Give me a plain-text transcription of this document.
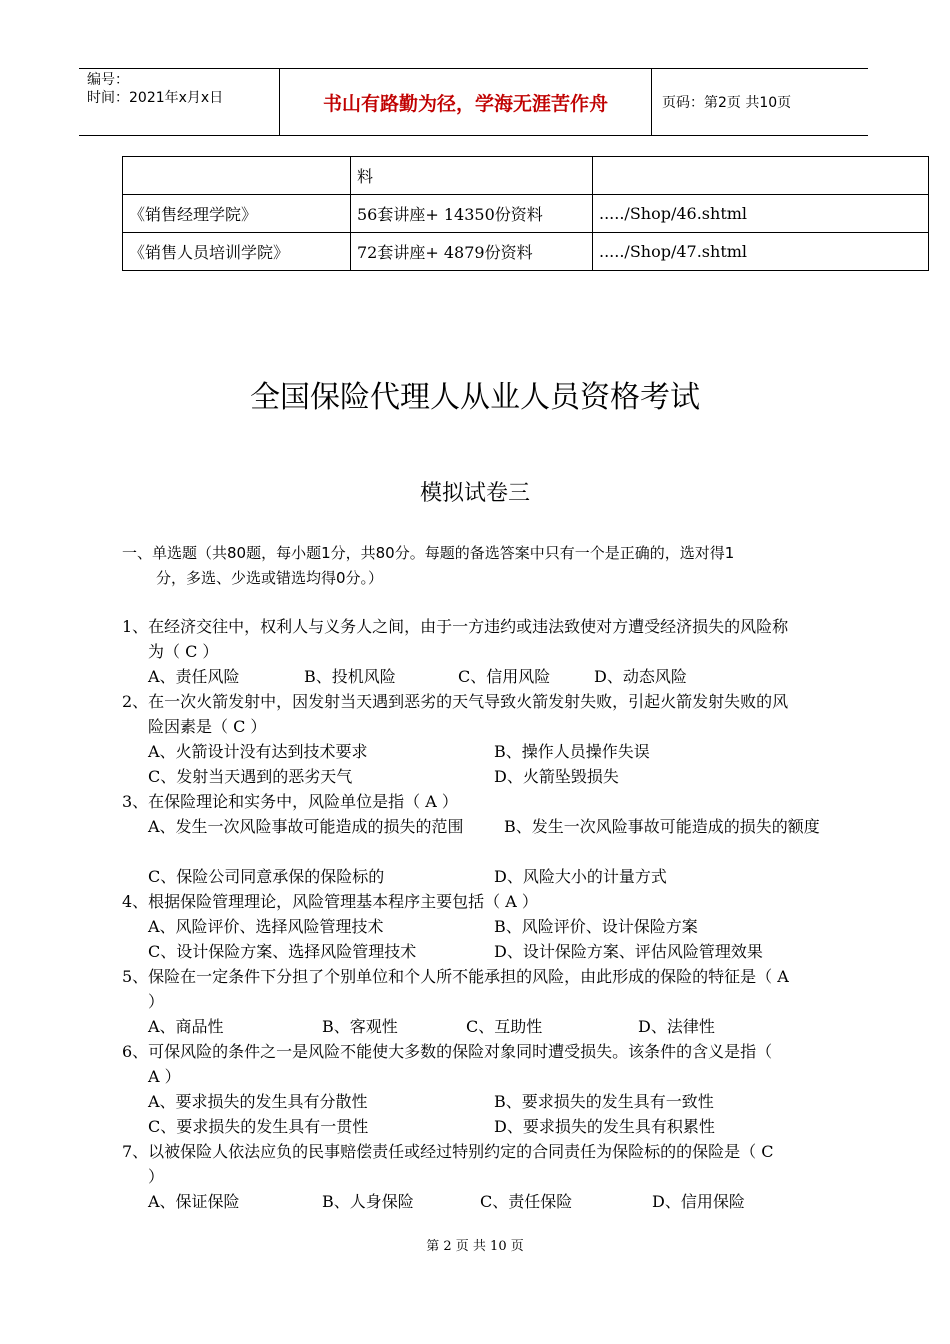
编号：
时间：2021年x月x日	书山有路勤为径，学海无涯苦作舟	页码：第2页 共10页
	料	
《销售经理学院》	56套讲座+ 14350份资料	...../Shop/46.shtml
《销售人员培训学院》	72套讲座+ 4879份资料	...../Shop/47.shtml
全国保险代理人从业人员资格考试
模拟试卷三
一、单选题（共80题，每小题1分，共80分。每题的备选答案中只有一个是正确的，选对得1
分，多选、少选或错选均得0分。）
1、在经济交往中，权利人与义务人之间，由于一方违约或违法致使对方遭受经济损失的风险称
为（ C ）
A、责任风险	B、投机风险	C、信用风险	D、动态风险
2、在一次火箭发射中，因发射当天遇到恶劣的天气导致火箭发射失败，引起火箭发射失败的风
险因素是（ C ）
A、火箭设计没有达到技术要求	B、操作人员操作失误
C、发射当天遇到的恶劣天气	D、火箭坠毁损失
3、在保险理论和实务中，风险单位是指（ A ）
A、发生一次风险事故可能造成的损失的范围	B、发生一次风险事故可能造成的损失的额度
C、保险公司同意承保的保险标的	D、风险大小的计量方式
4、根据保险管理理论，风险管理基本程序主要包括（ A ）
A、风险评价、选择风险管理技术	B、风险评价、设计保险方案
C、设计保险方案、选择风险管理技术	D、设计保险方案、评估风险管理效果
5、保险在一定条件下分担了个别单位和个人所不能承担的风险，由此形成的保险的特征是（ A
）
A、商品性	B、客观性	C、互助性	D、法律性
6、可保风险的条件之一是风险不能使大多数的保险对象同时遭受损失。该条件的含义是指（
A ）
A、要求损失的发生具有分散性	B、要求损失的发生具有一致性
C、要求损失的发生具有一贯性	D、要求损失的发生具有积累性
7、以被保险人依法应负的民事赔偿责任或经过特别约定的合同责任为保险标的的保险是（ C
）
A、保证保险	B、人身保险	C、责任保险	D、信用保险
第 2 页 共 10 页
